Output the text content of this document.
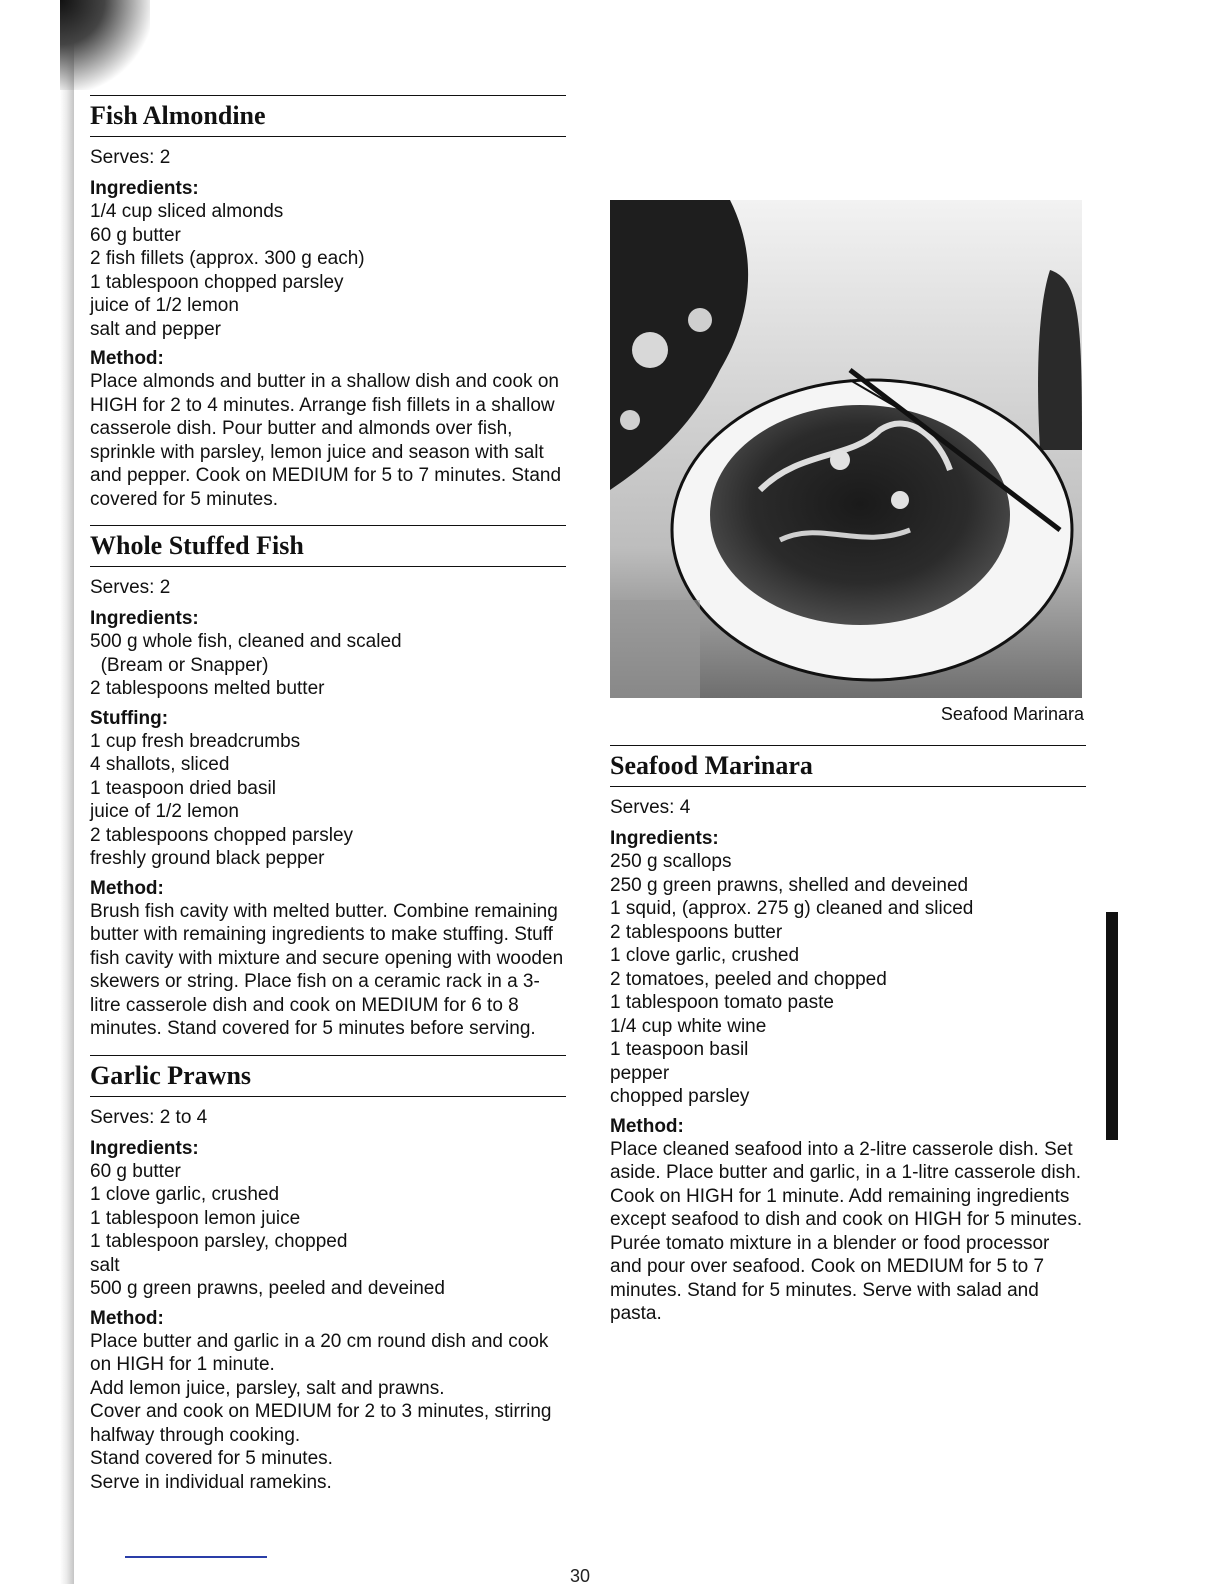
Fish Almondine
Serves: 2
Ingredients:
1/4 cup sliced almonds
60 g butter
2 fish fillets (approx. 300 g each)
1 tablespoon chopped parsley
juice of 1/2 lemon
salt and pepper
Method:

Place almonds and butter in a shallow dish and cook on HIGH for 2 to 4 minutes. Arrange fish fillets in a shallow casserole dish. Pour butter and almonds over fish, sprinkle with parsley, lemon juice and season with salt and pepper. Cook on MEDIUM for 5 to 7 minutes. Stand covered for 5 minutes.

Whole Stuffed Fish
Serves: 2
Ingredients:
500 g whole fish, cleaned and scaled
(Bream or Snapper)
2 tablespoons melted butter
Stuffing:
1 cup fresh breadcrumbs
4 shallots, sliced
1 teaspoon dried basil
juice of 1/2 lemon
2 tablespoons chopped parsley
freshly ground black pepper
Method:

Brush fish cavity with melted butter. Combine remaining butter with remaining ingredients to make stuffing. Stuff fish cavity with mixture and secure opening with wooden skewers or string. Place fish on a ceramic rack in a 3-litre casserole dish and cook on MEDIUM for 6 to 8 minutes. Stand covered for 5 minutes before serving.

Garlic Prawns
Serves: 2 to 4
Ingredients:
60 g butter
1 clove garlic, crushed
1 tablespoon lemon juice
1 tablespoon parsley, chopped
salt
500 g green prawns, peeled and deveined
Method:
Place butter and garlic in a 20 cm round dish and cook on HIGH for 1 minute.
Add lemon juice, parsley, salt and prawns.
Cover and cook on MEDIUM for 2 to 3 minutes, stirring halfway through cooking.
Stand covered for 5 minutes.
Serve in individual ramekins.
Seafood Marinara
Seafood Marinara
Serves: 4
Ingredients:
250 g scallops
250 g green prawns, shelled and deveined
1 squid, (approx. 275 g) cleaned and sliced
2 tablespoons butter
1 clove garlic, crushed
2 tomatoes, peeled and chopped
1 tablespoon tomato paste
1/4 cup white wine
1 teaspoon basil
pepper
chopped parsley
Method:

Place cleaned seafood into a 2-litre casserole dish. Set aside. Place butter and garlic, in a 1-litre casserole dish. Cook on HIGH for 1 minute. Add remaining ingredients except seafood to dish and cook on HIGH for 5 minutes. Purée tomato mixture in a blender or food processor and pour over seafood. Cook on MEDIUM for 5 to 7 minutes. Stand for 5 minutes. Serve with salad and pasta.

30
